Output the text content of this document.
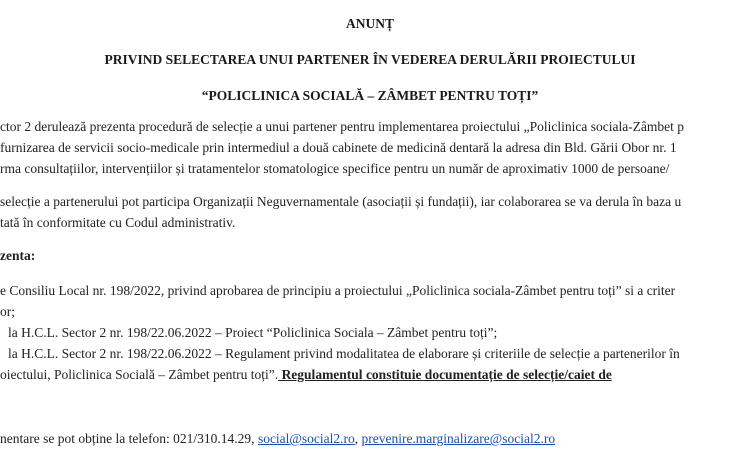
ANUNȚ
PRIVIND SELECTAREA UNUI PARTENER ÎN VEDEREA DERULĂRII PROIECTULUI
“POLICLINICA SOCIALĂ – ZÂMBET PENTRU TOȚI”
ctor 2 derulează prezenta procedură de selecție a unui partener pentru implementarea proiectului „Policlinica sociala-Zâmbet p
furnizarea de servicii socio-medicale prin intermediul a două cabinete de medicină dentară la adresa din Bld. Gării Obor nr. 1
rma consultațiilor, intervențiilor și tratamentelor stomatologice specifice pentru un număr de aproximativ 1000 de persoane/
selecție a partenerului pot participa Organizații Neguvernamentale (asociații și fundații), iar colaborarea se va derula în baza u
tată în conformitate cu Codul administrativ.
zenta:
e Consiliu Local nr. 198/2022, privind aprobarea de principiu a proiectului „Policlinica sociala-Zâmbet pentru toți” si a criter
or;
la H.C.L. Sector 2 nr. 198/22.06.2022 – Proiect “Policlinica Sociala – Zâmbet pentru toți”;
la H.C.L. Sector 2 nr. 198/22.06.2022 – Regulament privind modalitatea de elaborare și criteriile de selecție a partenerilor în
oiectului, Policlinica Socială – Zâmbet pentru toți”. Regulamentul constituie documentație de selecție/caiet de
nentare se pot obține la telefon: 021/310.14.29, social@social2.ro, prevenire.marginalizare@social2.ro
